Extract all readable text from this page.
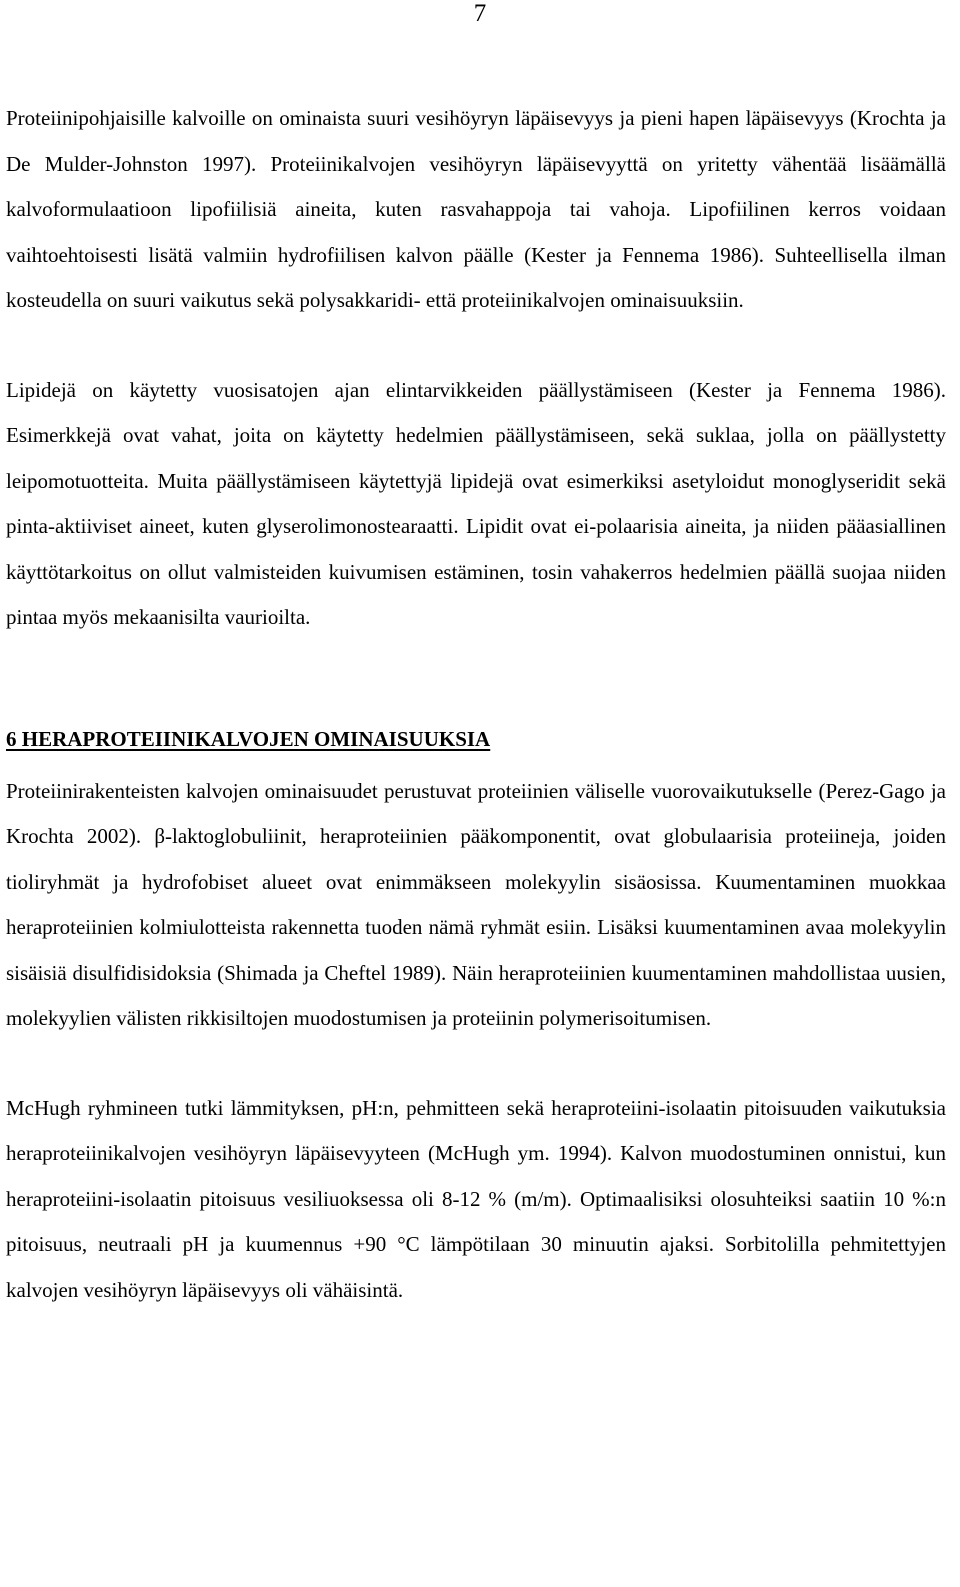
7

Proteiinipohjaisille kalvoille on ominaista suuri vesihöyryn läpäisevyys ja pieni hapen läpäisevyys (Krochta ja De Mulder-Johnston 1997). Proteiinikalvojen vesihöyryn läpäisevyyttä on yritetty vähentää lisäämällä kalvoformulaatioon lipofiilisiä aineita, kuten rasvahappoja tai vahoja. Lipofiilinen kerros voidaan vaihtoehtoisesti lisätä valmiin hydrofiilisen kalvon päälle (Kester ja Fennema 1986). Suhteellisella ilman kosteudella on suuri vaikutus sekä polysakkaridi- että proteiinikalvojen ominaisuuksiin.

Lipidejä on käytetty vuosisatojen ajan elintarvikkeiden päällystämiseen (Kester ja Fennema 1986). Esimerkkejä ovat vahat, joita on käytetty hedelmien päällystämiseen, sekä suklaa, jolla on päällystetty leipomotuotteita. Muita päällystämiseen käytettyjä lipidejä ovat esimerkiksi asetyloidut monoglyseridit sekä pinta-aktiiviset aineet, kuten glyserolimonostearaatti. Lipidit ovat ei-polaarisia aineita, ja niiden pääasiallinen käyttötarkoitus on ollut valmisteiden kuivumisen estäminen, tosin vahakerros hedelmien päällä suojaa niiden pintaa myös mekaanisilta vaurioilta.

6 HERAPROTEIINIKALVOJEN OMINAISUUKSIA

Proteiinirakenteisten kalvojen ominaisuudet perustuvat proteiinien väliselle vuorovaikutukselle (Perez-Gago ja Krochta 2002). β-laktoglobuliinit, heraproteiinien pääkomponentit, ovat globulaarisia proteiineja, joiden tioliryhmät ja hydrofobiset alueet ovat enimmäkseen molekyylin sisäosissa. Kuumentaminen muokkaa heraproteiinien kolmiulotteista rakennetta tuoden nämä ryhmät esiin. Lisäksi kuumentaminen avaa molekyylin sisäisiä disulfidisidoksia (Shimada ja Cheftel 1989). Näin heraproteiinien kuumentaminen mahdollistaa uusien, molekyylien välisten rikkisiltojen muodostumisen ja proteiinin polymerisoitumisen.

McHugh ryhmineen tutki lämmityksen, pH:n, pehmitteen sekä heraproteiini-isolaatin pitoisuuden vaikutuksia heraproteiinikalvojen vesihöyryn läpäisevyyteen (McHugh ym. 1994). Kalvon muodostuminen onnistui, kun heraproteiini-isolaatin pitoisuus vesiliuoksessa oli 8-12 % (m/m). Optimaalisiksi olosuhteiksi saatiin 10 %:n pitoisuus, neutraali pH ja kuumennus +90 °C lämpötilaan 30 minuutin ajaksi. Sorbitolilla pehmitettyjen kalvojen vesihöyryn läpäisevyys oli vähäisintä.
